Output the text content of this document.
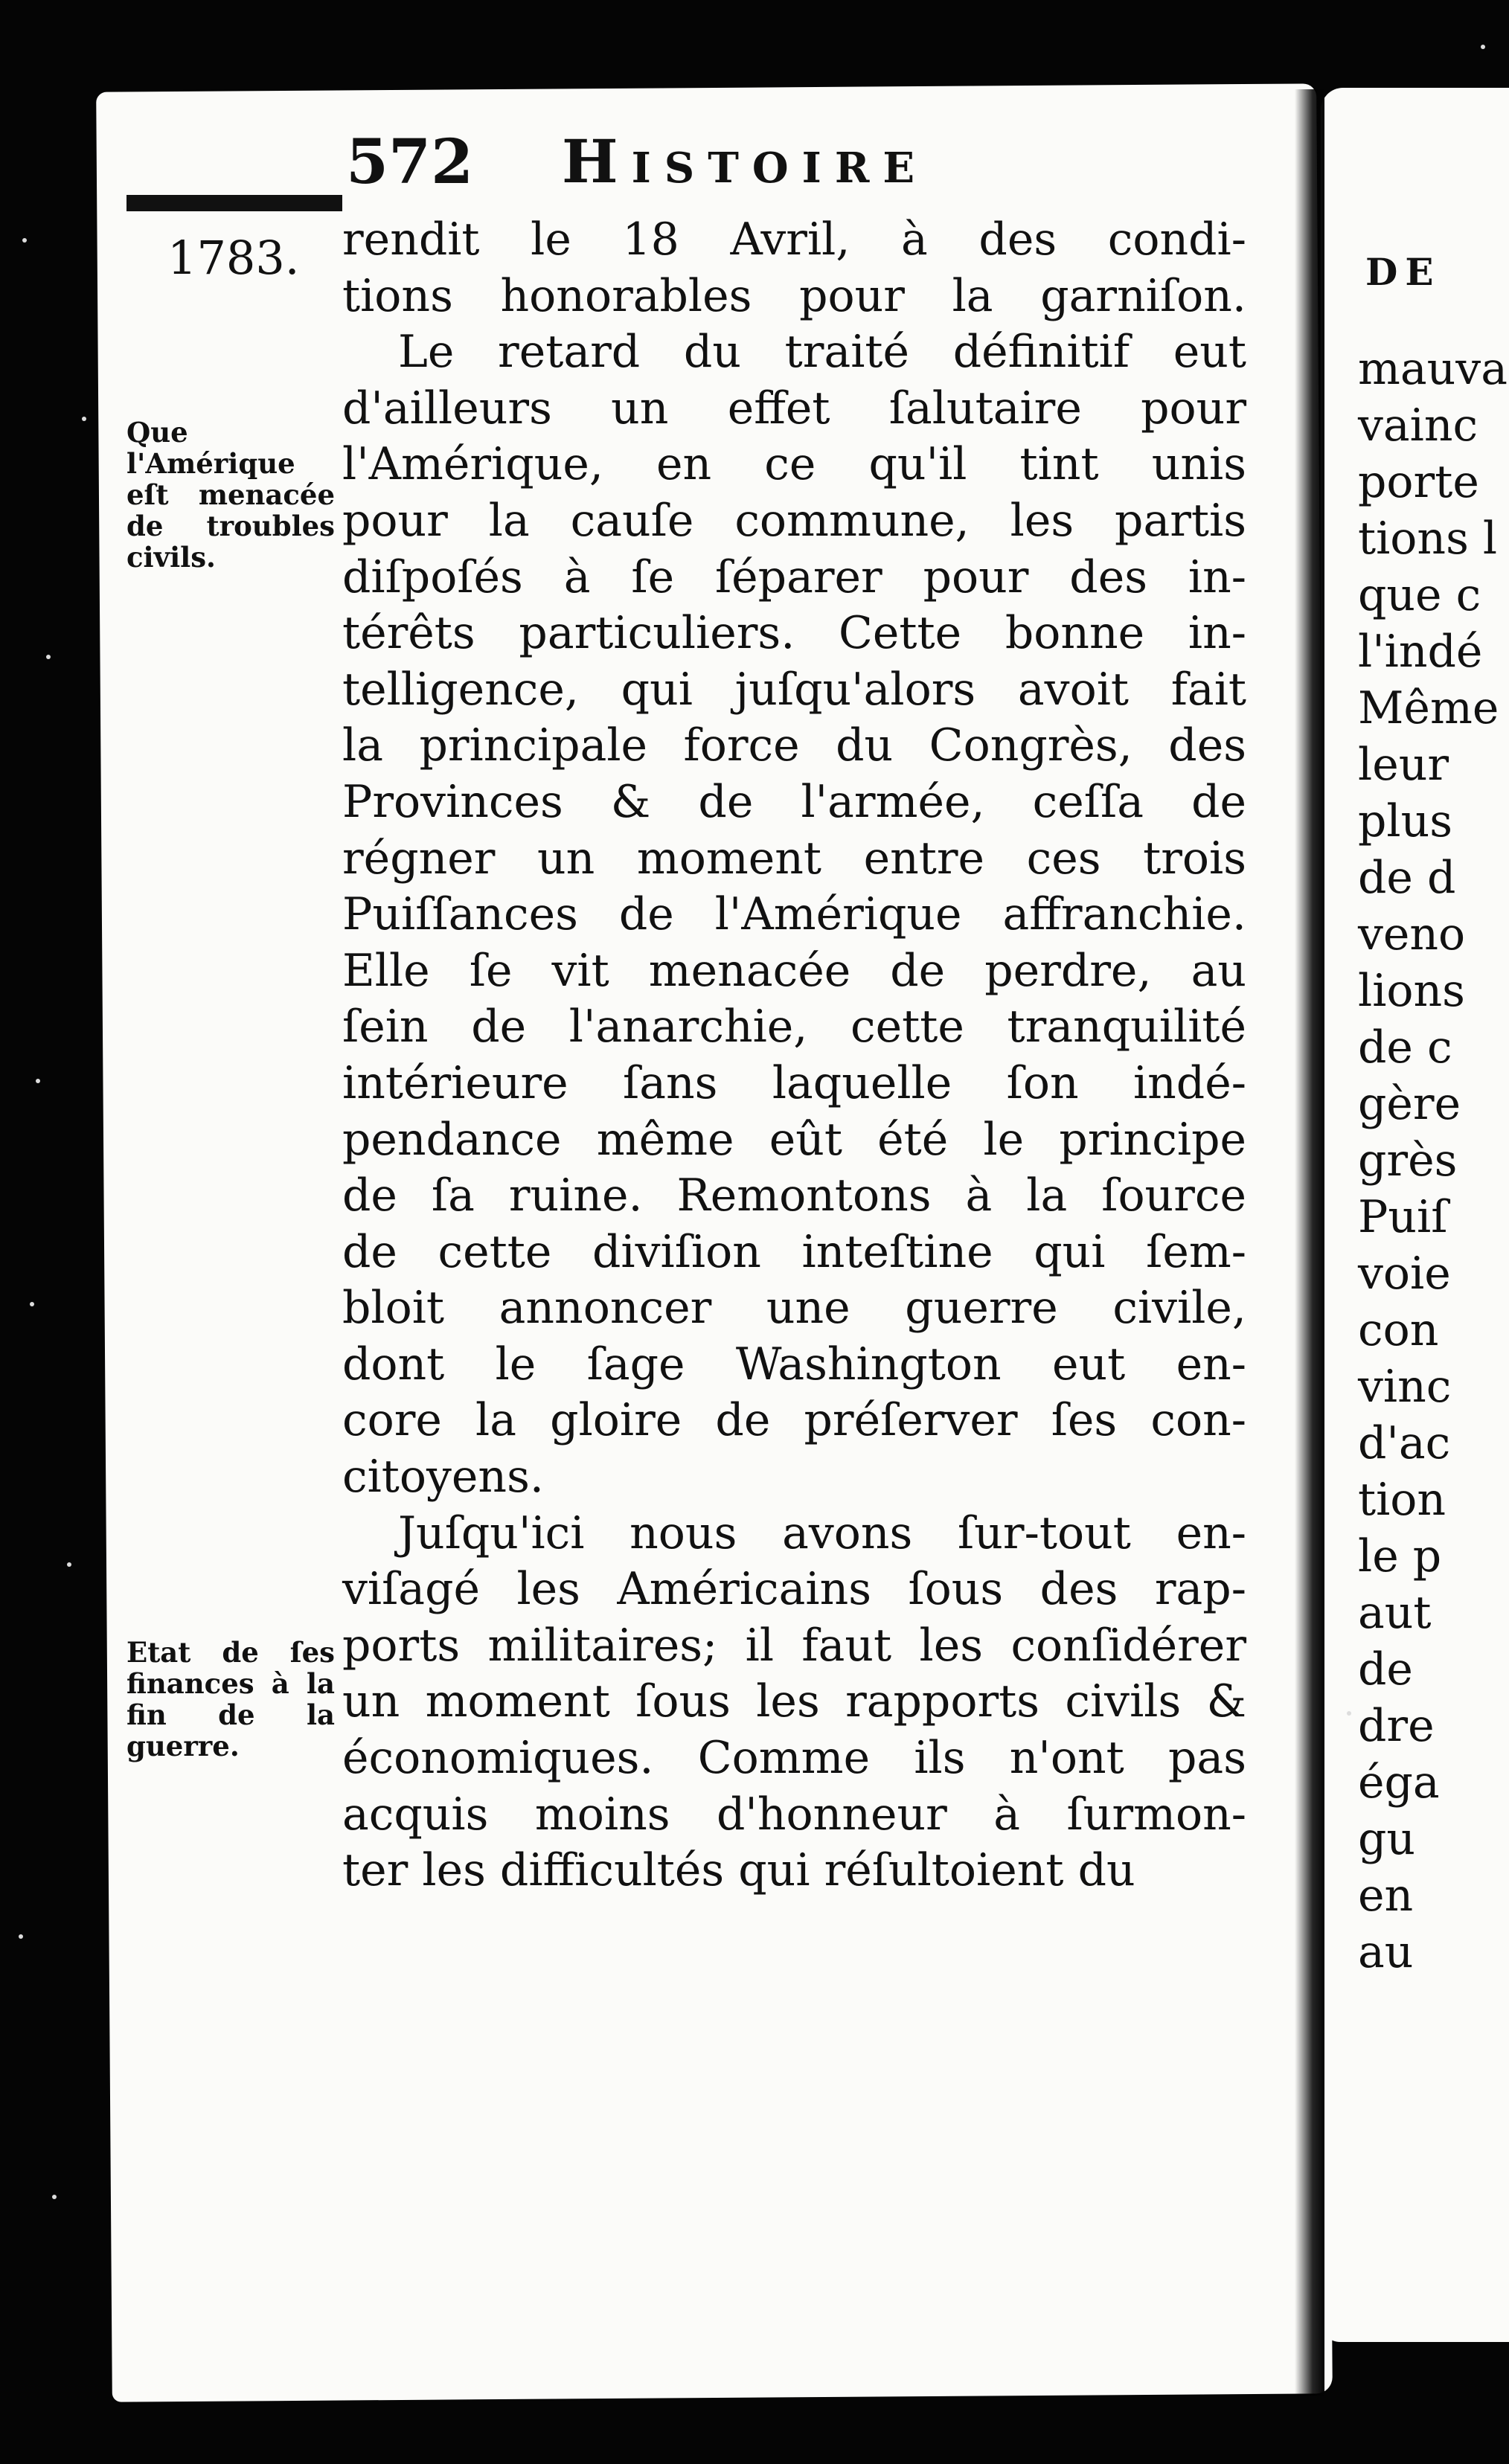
DE
mauva
vainc
porte
tions l
que c
l'indé
Même
leur
plus
de d
veno
lions
de c
gère
grès
Puiſ
voie
con
vinc
d'ac
tion
le p
aut
de
dre
éga
gu
en
au
572 Histoire
1783.
Que l'Amérique eſt menacée de troubles civils.
Etat de ſes finances à la fin de la guerre.
rendit le 18 Avril, à des condi-
tions honorables pour la garniſon.
Le retard du traité définitif eut
d'ailleurs un effet ſalutaire pour
l'Amérique, en ce qu'il tint unis
pour la cauſe commune, les partis
diſpoſés à ſe ſéparer pour des in-
térêts particuliers. Cette bonne in-
telligence, qui juſqu'alors avoit fait
la principale force du Congrès, des
Provinces & de l'armée, ceſſa de
régner un moment entre ces trois
Puiſſances de l'Amérique affranchie.
Elle ſe vit menacée de perdre, au
ſein de l'anarchie, cette tranquilité
intérieure ſans laquelle ſon indé-
pendance même eût été le principe
de ſa ruine. Remontons à la ſource
de cette diviſion inteſtine qui ſem-
bloit annoncer une guerre civile,
dont le ſage Washington eut en-
core la gloire de préſerver ſes con-
citoyens.
Juſqu'ici nous avons ſur-tout en-
viſagé les Américains ſous des rap-
ports militaires; il faut les conſidérer
un moment ſous les rapports civils &
économiques. Comme ils n'ont pas
acquis moins d'honneur à ſurmon-
ter les difficultés qui réſultoient du
